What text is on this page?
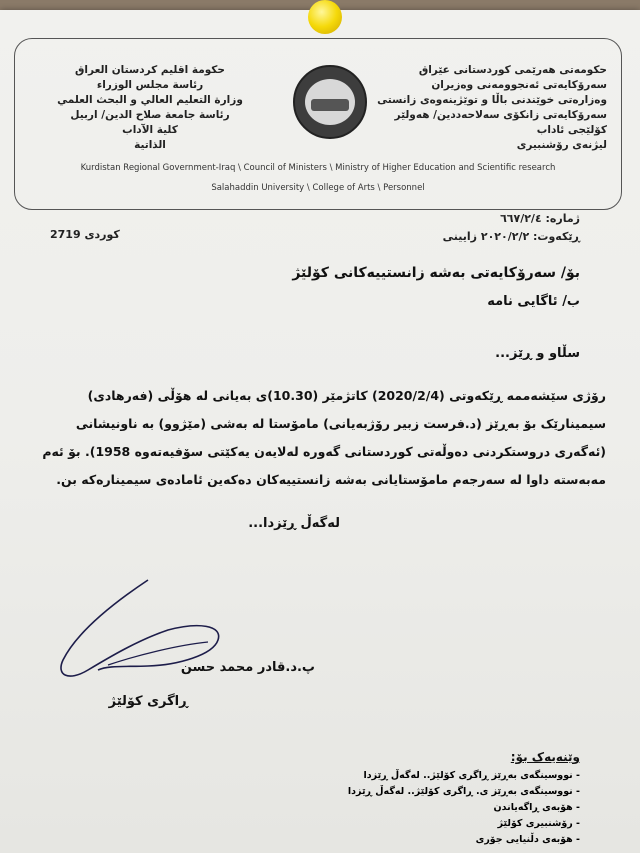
حكومەتی هەرێمی کوردستانی عێراق
سەرۆکایەتی ئەنجوومەنی وەزیران
وەزارەتی خوێندنی باڵا و توێژینەوەی زانستی
سەرۆکایەتی زانکۆی سەلاحەددین/ هەولێر
کۆلێجی ئاداب
لیژنەی رۆشنبیری
حكومة اقليم كردستان العراق
رئاسة مجلس الوزراء
وزارة التعليم العالي و البحث العلمي
رئاسة جامعة صلاح الدين/ اربيل
كلية الآداب
الذاتية
Kurdistan Regional Government-Iraq \ Council of Ministers \ Ministry of Higher Education and Scientific research
Salahaddin University \ College of Arts \ Personnel
ژمارە: ٦٦٧/٢/٤
ڕێکەوت: ٢٠٢٠/٢/٢ زایینی
2719 کوردی
بۆ/ سەرۆکایەتی بەشە زانستییەکانی کۆلێژ
ب/ ئاگایی نامە
سڵاو و ڕێز...
رۆژی سێشەممە ڕێکەوتی (2020/2/4) کاتژمێر (10.30)ی بەیانی لە هۆڵی (فەرهادی) سیمینارێک بۆ بەڕێز (د.فرست زبیر رۆژبەیانی) مامۆستا لە بەشی (مێژوو) بە ناونیشانی (ئەگەری دروستکردنی دەوڵەتی کوردستانی گەورە لەلایەن یەکێتی سۆفیەتەوە 1958). بۆ ئەم مەبەستە داوا لە سەرجەم مامۆستایانی بەشە زانستییەکان دەکەین ئامادەی سیمینارەکە بن.
لەگەڵ ڕێزدا...
پ.د.قادر محمد حسن
ڕاگری کۆلێژ
وێنەیەک بۆ:
- نووسینگەی بەڕێز ڕاگری کۆلێژ.. لەگەڵ ڕێزدا
- نووسینگەی بەڕێز ی. ڕاگری کۆلێژ.. لەگەڵ ڕێزدا
- هۆبەی ڕاگەیاندن
- رۆشنبیری کۆلێژ
- هۆبەی دڵنیایی جۆری
